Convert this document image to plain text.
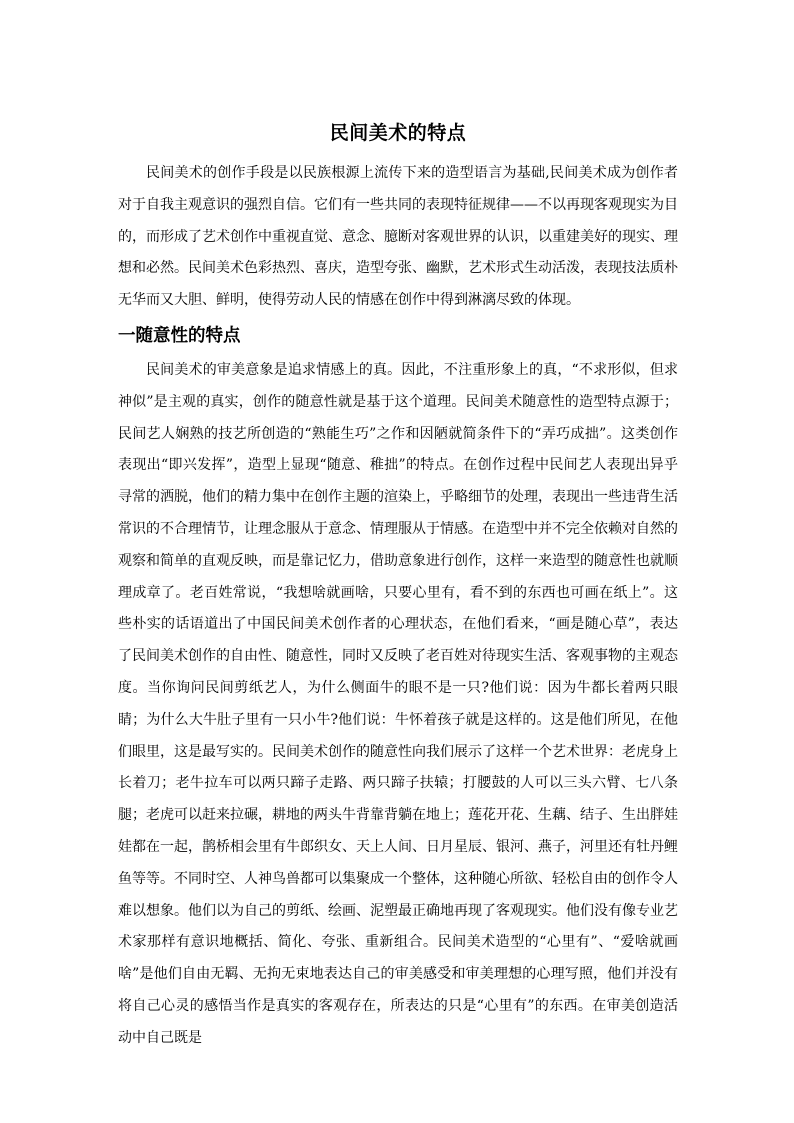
民间美术的特点

民间美术的创作手段是以民族根源上流传下来的造型语言为基础,民间美术成为创作者对于自我主观意识的强烈自信。它们有一些共同的表现特征规律——不以再现客观现实为目的，而形成了艺术创作中重视直觉、意念、臆断对客观世界的认识，以重建美好的现实、理想和必然。民间美术色彩热烈、喜庆，造型夸张、幽默，艺术形式生动活泼，表现技法质朴无华而又大胆、鲜明，使得劳动人民的情感在创作中得到淋漓尽致的体现。

一随意性的特点

民间美术的审美意象是追求情感上的真。因此，不注重形象上的真，“不求形似，但求神似”是主观的真实，创作的随意性就是基于这个道理。民间美术随意性的造型特点源于；民间艺人娴熟的技艺所创造的“熟能生巧”之作和因陋就简条件下的“弄巧成拙”。这类创作表现出“即兴发挥”，造型上显现“随意、稚拙”的特点。在创作过程中民间艺人表现出异乎寻常的洒脱，他们的精力集中在创作主题的渲染上，乎略细节的处理，表现出一些违背生活常识的不合理情节，让理念服从于意念、情理服从于情感。在造型中并不完全依赖对自然的观察和简单的直观反映，而是靠记忆力，借助意象进行创作，这样一来造型的随意性也就顺理成章了。老百姓常说，“我想啥就画啥，只要心里有，看不到的东西也可画在纸上”。这些朴实的话语道出了中国民间美术创作者的心理状态，在他们看来，“画是随心草”，表达了民间美术创作的自由性、随意性，同时又反映了老百姓对待现实生活、客观事物的主观态度。当你询问民间剪纸艺人，为什么侧面牛的眼不是一只?他们说：因为牛都长着两只眼睛；为什么大牛肚子里有一只小牛?他们说：牛怀着孩子就是这样的。这是他们所见，在他们眼里，这是最写实的。民间美术创作的随意性向我们展示了这样一个艺术世界：老虎身上长着刀；老牛拉车可以两只蹄子走路、两只蹄子扶辕；打腰鼓的人可以三头六臂、七八条腿；老虎可以赶来拉碾，耕地的两头牛背靠背躺在地上；莲花开花、生藕、结子、生出胖娃娃都在一起，鹊桥相会里有牛郎织女、天上人间、日月星辰、银河、燕子，河里还有牡丹鲤鱼等等。不同时空、人神鸟兽都可以集聚成一个整体，这种随心所欲、轻松自由的创作令人难以想象。他们以为自己的剪纸、绘画、泥塑最正确地再现了客观现实。他们没有像专业艺术家那样有意识地概括、简化、夸张、重新组合。民间美术造型的“心里有”、“爱啥就画啥”是他们自由无羁、无拘无束地表达自己的审美感受和审美理想的心理写照，他们并没有将自己心灵的感悟当作是真实的客观存在，所表达的只是“心里有”的东西。在审美创造活动中自己既是
